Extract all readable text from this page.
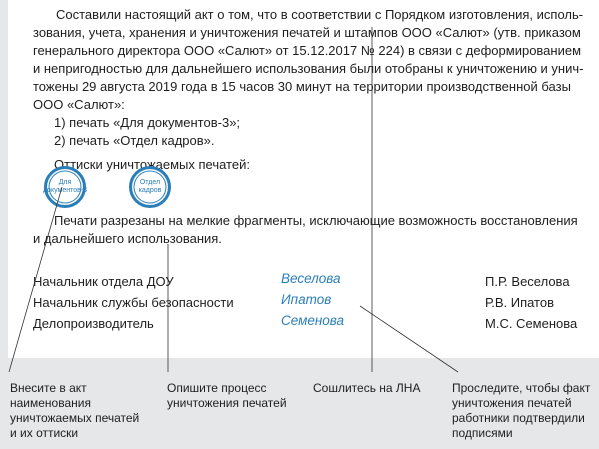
Составили настоящий акт о том, что в соответствии с Порядком изготовления, исполь-
зования, учета, хранения и уничтожения печатей и штампов ООО «Салют» (утв. приказом
генерального директора ООО «Салют» от 15.12.2017 № 224) в связи с деформированием
и непригодностью для дальнейшего использования были отобраны к уничтожению и унич-
тожены 29 августа 2019 года в 15 часов 30 минут на территории производственной базы
ООО «Салют»:
1) печать «Для документов-3»;
2) печать «Отдел кадров».
Оттиски уничтожаемых печатей:
Для
документов-3
Отдел
кадров
Печати разрезаны на мелкие фрагменты, исключающие возможность восстановления
и дальнейшего использования.
Начальник отдела ДОУ	Веселова	П.Р. Веселова
Начальник службы безопасности	Ипатов	Р.В. Ипатов
Делопроизводитель	Семенова	М.С. Семенова
Внесите в акт
наименования
уничтожаемых печатей
и их оттиски
Опишите процесс
уничтожения печатей
Сошлитесь на ЛНА	Проследите, чтобы факт
уничтожения печатей
работники подтвердили
подписями
